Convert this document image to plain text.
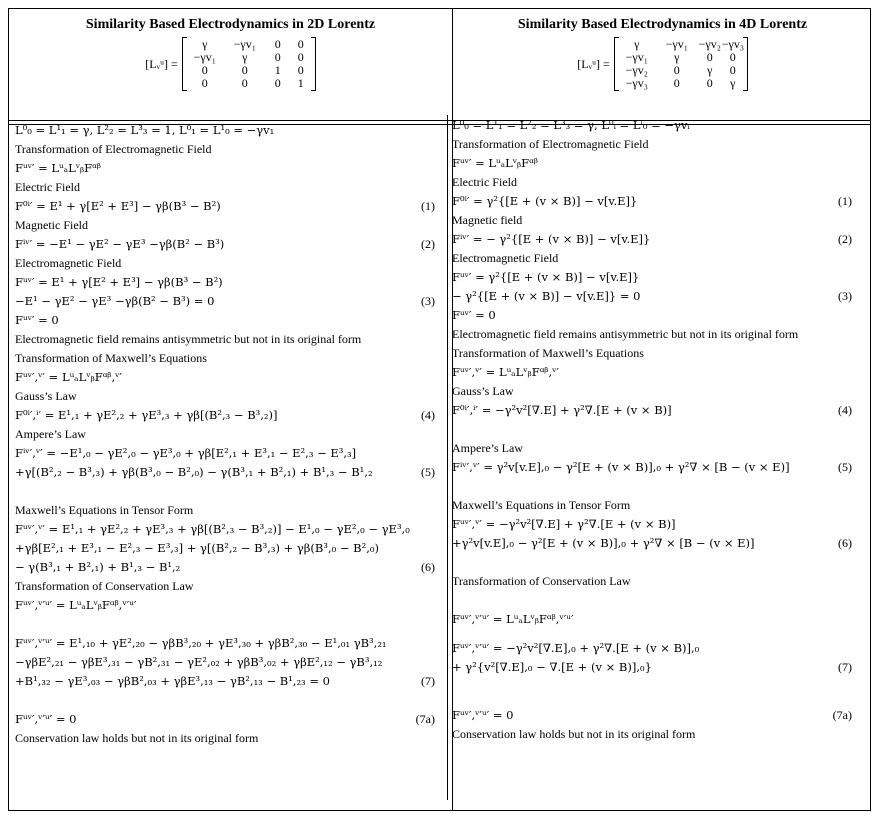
Similarity Based Electrodynamics in 2D Lorentz
[Lᵥᵘ] =
γ	−γv₁	0	0
−γv₁	γ	0	0
0	0	1	0
0	0	0	1
Similarity Based Electrodynamics in 4D Lorentz
[Lᵥᵘ] =
γ	−γv₁ −γv₂ −γv₃
−γv₁	γ	0	0
−γv₂	0	γ	0
−γv₃	0	0	γ
L⁰₀ = L¹₁ = γ, L²₂ = L³₃ = 1, L⁰₁ = L¹₀ = −γv₁
Transformation of Electromagnetic Field
Fᵘᵛ′ = LᵘₐLᵛᵦFᵅᵝ
Electric Field
F⁰ⁱ′ = E¹ + γ[E² + E³] − γβ(B³ − B²)	(1)
Magnetic Field
Fⁱᵛ′ = −E¹ − γE² − γE³ −γβ(B² − B³)	(2)
Electromagnetic Field
Fᵘᵛ′ = E¹ + γ[E² + E³] − γβ(B³ − B²)
−E¹ − γE² − γE³ −γβ(B² − B³) = 0	(3)
Fᵘᵛ′ = 0
Electromagnetic field remains antisymmetric but not in its original form
Transformation of Maxwell’s Equations
Fᵘᵛ′,ᵛ′ = LᵘₐLᵛᵦFᵅᵝ,ᵛ′
Gauss’s Law
F⁰ⁱ′,ⁱ′ = E¹,₁ + γE²,₂ + γE³,₃ + γβ[(B²,₃ − B³,₂)]	(4)
Ampere’s Law
Fⁱᵛ′,ᵛ′ = −E¹,₀ − γE²,₀ − γE³,₀ + γβ[E²,₁ + E³,₁ − E²,₃ − E³,₃]
+γ[(B²,₂ − B³,₃) + γβ(B³,₀ − B²,₀) − γ(B³,₁ + B²,₁) + B¹,₃ − B¹,₂	(5)
Maxwell’s Equations in Tensor Form
Fᵘᵛ′,ᵛ′ = E¹,₁ + γE²,₂ + γE³,₃ + γβ[(B²,₃ − B³,₂)] − E¹,₀ − γE²,₀ − γE³,₀
+γβ[E²,₁ + E³,₁ − E²,₃ − E³,₃] + γ[(B²,₂ − B³,₃) + γβ(B³,₀ − B²,₀)
− γ(B³,₁ + B²,₁) + B¹,₃ − B¹,₂	(6)
Transformation of Conservation Law
Fᵘᵛ′,ᵛ′ᵘ′ = LᵘₐLᵛᵦFᵅᵝ,ᵛ′ᵘ′
Fᵘᵛ′,ᵛ′ᵘ′ = E¹,₁₀ + γE²,₂₀ − γβB³,₂₀ + γE³,₃₀ + γβB²,₃₀ − E¹,₀₁ γB³,₂₁
−γβE²,₂₁ − γβE³,₃₁ − γB²,₃₁ − γE²,₀₂ + γβB³,₀₂ + γβE²,₁₂ − γB³,₁₂
+B¹,₃₂ − γE³,₀₃ − γβB²,₀₃ + γβE³,₁₃ − γB²,₁₃ − B¹,₂₃ = 0	(7)
Fᵘᵛ′,ᵛ′ᵘ′ = 0	(7a)
Conservation law holds but not in its original form
L⁰₀ = L¹₁ = L²₂ = L³₃ = γ, L⁰ᵢ = Lⁱ₀ = −γvᵢ
Transformation of Electromagnetic Field
Fᵘᵛ′ = LᵘₐLᵛᵦFᵅᵝ
Electric Field
F⁰ⁱ′ = γ²{[E + (v × B)] − v[v.E]}	(1)
Magnetic field
Fⁱᵛ′ = − γ²{[E + (v × B)] − v[v.E]}	(2)
Electromagnetic Field
Fᵘᵛ′ = γ²{[E + (v × B)] − v[v.E]}
− γ²{[E + (v × B)] − v[v.E]} = 0	(3)
Fᵘᵛ′ = 0
Electromagnetic field remains antisymmetric but not in its original form
Transformation of Maxwell’s Equations
Fᵘᵛ′,ᵛ′ = LᵘₐLᵛᵦFᵅᵝ,ᵛ′
Gauss’s Law
F⁰ⁱ′,ⁱ′ = −γ²v²[∇.E] + γ²∇.[E + (v × B)]	(4)
Ampere’s Law
Fⁱᵛ′,ᵛ′ = γ²v[v.E],₀ − γ²[E + (v × B)],₀ + γ²∇ × [B − (v × E)]	(5)
Maxwell’s Equations in Tensor Form
Fᵘᵛ′,ᵛ′ = −γ²v²[∇.E] + γ²∇.[E + (v × B)]
+γ²v[v.E],₀ − γ²[E + (v × B)],₀ + γ²∇ × [B − (v × E)]	(6)
Transformation of Conservation Law
Fᵘᵛ′,ᵛ′ᵘ′ = LᵘₐLᵛᵦFᵅᵝ,ᵛ′ᵘ′
Fᵘᵛ′,ᵛ′ᵘ′ = −γ²v²[∇.E],₀ + γ²∇.[E + (v × B)],₀
+ γ²{v²[∇.E],₀ − ∇.[E + (v × B)],₀}	(7)
Fᵘᵛ′,ᵛ′ᵘ′ = 0	(7a)
Conservation law holds but not in its original form
